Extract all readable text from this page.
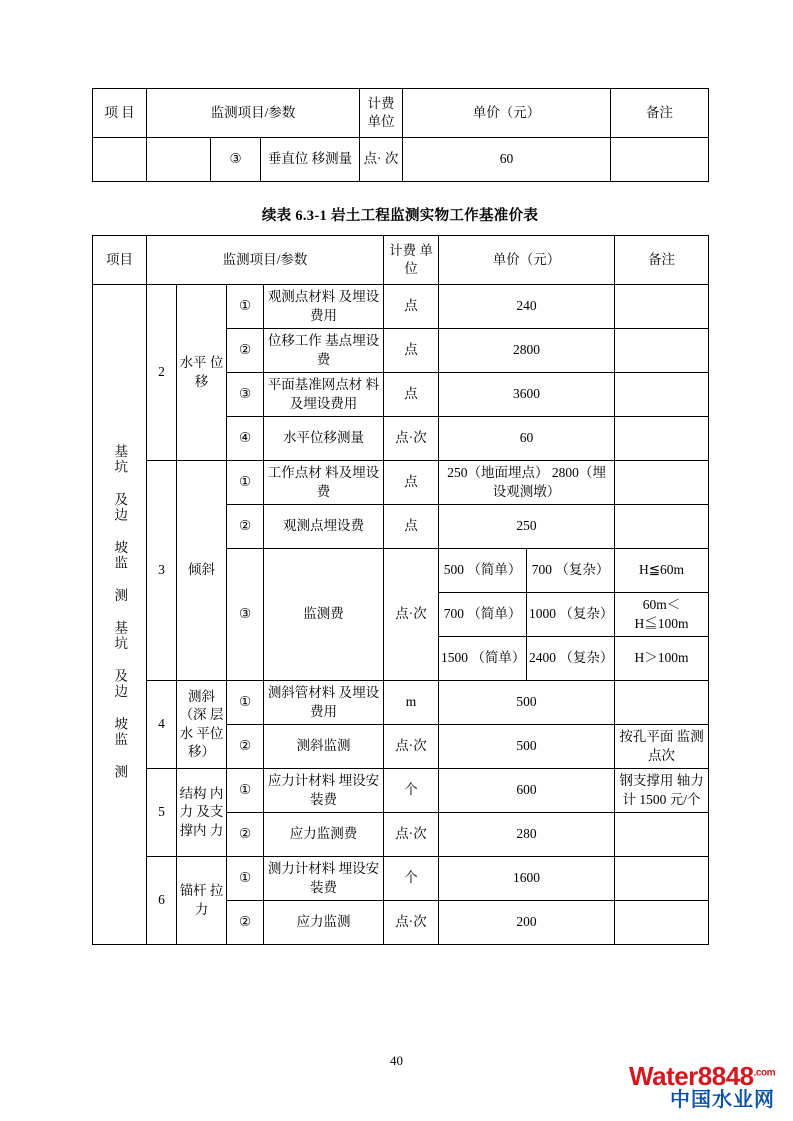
项 目	监测项目/参数			计费 单位	单价（元）	备注
		③	垂直位 移测量	点· 次	60	
续表 6.3-1 岩土工程监测实物工作基准价表
项目	监测项目/参数				计费 单位	单价（元）		备注
基坑 及边 坡监 测 基坑 及边 坡监 测	2	水平 位移	①	观测点材料 及埋设费用	点	240		
			②	位移工作 基点埋设费	点	2800		
			③	平面基准网点材 料及埋设费用	点	3600		
			④	水平位移测量	点·次	60		
	3	倾斜	①	工作点材 料及埋设费	点	250（地面埋点） 2800（埋设观测墩）		
			②	观测点埋设费	点	250		
			③	监测费	点·次	500 （简单）	700 （复杂）	H≦60m
						700 （简单）	1000 （复杂）	60m＜ H≦100m
						1500 （简单）	2400 （复杂）	H＞100m
	4	测斜 （深 层水 平位 移）	①	测斜管材料 及埋设费用	m	500		
			②	测斜监测	点·次	500		按孔平面 监测点次
	5	结构 内力 及支 撑内 力	①	应力计材料 埋设安装费	个	600		钢支撑用 轴力计 1500 元/个
			②	应力监测费	点·次	280		
	6	锚杆 拉力	①	测力计材料 埋设安装费	个	1600		
			②	应力监测	点·次	200		
40
$Water8848^{.com}$
中国水业网
